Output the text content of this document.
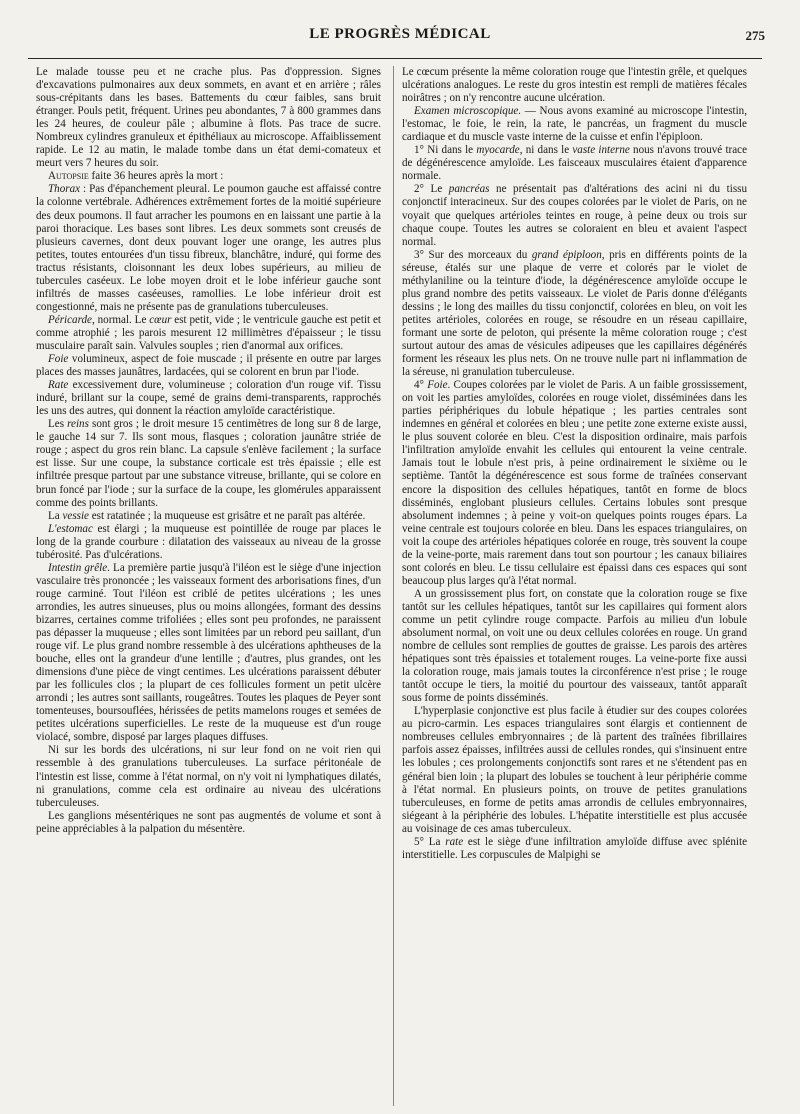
LE PROGRÈS MÉDICAL	275

Le malade tousse peu et ne crache plus. Pas d'oppression. Signes d'excavations pulmonaires aux deux sommets, en avant et en arrière ; râles sous-crépitants dans les bases. Battements du cœur faibles, sans bruit étranger. Pouls petit, fréquent. Urines peu abondantes, 7 à 800 grammes dans les 24 heures, de couleur pâle ; albumine à flots. Pas trace de sucre. Nombreux cylindres granuleux et épithéliaux au microscope. Affaiblissement rapide. Le 12 au matin, le malade tombe dans un état demi-comateux et meurt vers 7 heures du soir.

Autopsie faite 36 heures après la mort :

Thorax : Pas d'épanchement pleural. Le poumon gauche est affaissé contre la colonne vertébrale. Adhérences extrêmement fortes de la moitié supérieure des deux poumons. Il faut arracher les poumons en en laissant une partie à la paroi thoracique. Les bases sont libres. Les deux sommets sont creusés de plusieurs cavernes, dont deux pouvant loger une orange, les autres plus petites, toutes entourées d'un tissu fibreux, blanchâtre, induré, qui forme des tractus résistants, cloisonnant les deux lobes supérieurs, au milieu de tubercules caséeux. Le lobe moyen droit et le lobe inférieur gauche sont infiltrés de masses caséeuses, ramollies. Le lobe inférieur droit est congestionné, mais ne présente pas de granulations tuberculeuses.

Péricarde, normal. Le cœur est petit, vide ; le ventricule gauche est petit et comme atrophié ; les parois mesurent 12 millimètres d'épaisseur ; le tissu musculaire paraît sain. Valvules souples ; rien d'anormal aux orifices.

Foie volumineux, aspect de foie muscade ; il présente en outre par larges places des masses jaunâtres, lardacées, qui se colorent en brun par l'iode.

Rate excessivement dure, volumineuse ; coloration d'un rouge vif. Tissu induré, brillant sur la coupe, semé de grains demi-transparents, rapprochés les uns des autres, qui donnent la réaction amyloïde caractéristique.

Les reins sont gros ; le droit mesure 15 centimètres de long sur 8 de large, le gauche 14 sur 7. Ils sont mous, flasques ; coloration jaunâtre striée de rouge ; aspect du gros rein blanc. La capsule s'enlève facilement ; la surface est lisse. Sur une coupe, la substance corticale est très épaissie ; elle est infiltrée presque partout par une substance vitreuse, brillante, qui se colore en brun foncé par l'iode ; sur la surface de la coupe, les glomérules apparaissent comme des points brillants.

La vessie est ratatinée ; la muqueuse est grisâtre et ne paraît pas altérée.

L'estomac est élargi ; la muqueuse est pointillée de rouge par places le long de la grande courbure : dilatation des vaisseaux au niveau de la grosse tubérosité. Pas d'ulcérations.

Intestin grêle. La première partie jusqu'à l'iléon est le siège d'une injection vasculaire très prononcée ; les vaisseaux forment des arborisations fines, d'un rouge carminé. Tout l'iléon est criblé de petites ulcérations ; les unes arrondies, les autres sinueuses, plus ou moins allongées, formant des dessins bizarres, certaines comme trifoliées ; elles sont peu profondes, ne paraissent pas dépasser la muqueuse ; elles sont limitées par un rebord peu saillant, d'un rouge vif. Le plus grand nombre ressemble à des ulcérations aphtheuses de la bouche, elles ont la grandeur d'une lentille ; d'autres, plus grandes, ont les dimensions d'une pièce de vingt centimes. Les ulcérations paraissent débuter par les follicules clos ; la plupart de ces follicules forment un petit ulcère arrondi ; les autres sont saillants, rougeâtres. Toutes les plaques de Peyer sont tomenteuses, boursouflées, hérissées de petits mamelons rouges et semées de petites ulcérations superficielles. Le reste de la muqueuse est d'un rouge violacé, sombre, disposé par larges plaques diffuses.

Ni sur les bords des ulcérations, ni sur leur fond on ne voit rien qui ressemble à des granulations tuberculeuses. La surface péritonéale de l'intestin est lisse, comme à l'état normal, on n'y voit ni lymphatiques dilatés, ni granulations, comme cela est ordinaire au niveau des ulcérations tuberculeuses.

Les ganglions mésentériques ne sont pas augmentés de volume et sont à peine appréciables à la palpation du mésentère.

Le cœcum présente la même coloration rouge que l'intestin grêle, et quelques ulcérations analogues. Le reste du gros intestin est rempli de matières fécales noirâtres ; on n'y rencontre aucune ulcération.

Examen microscopique. — Nous avons examiné au microscope l'intestin, l'estomac, le foie, le rein, la rate, le pancréas, un fragment du muscle cardiaque et du muscle vaste interne de la cuisse et enfin l'épiploon.

1° Ni dans le myocarde, ni dans le vaste interne nous n'avons trouvé trace de dégénérescence amyloïde. Les faisceaux musculaires étaient d'apparence normale.

2° Le pancréas ne présentait pas d'altérations des acini ni du tissu conjonctif interacineux. Sur des coupes colorées par le violet de Paris, on ne voyait que quelques artérioles teintes en rouge, à peine deux ou trois sur chaque coupe. Toutes les autres se coloraient en bleu et avaient l'aspect normal.

3° Sur des morceaux du grand épiploon, pris en différents points de la séreuse, étalés sur une plaque de verre et colorés par le violet de méthylaniline ou la teinture d'iode, la dégénérescence amyloïde occupe le plus grand nombre des petits vaisseaux. Le violet de Paris donne d'élégants dessins ; le long des mailles du tissu conjonctif, colorées en bleu, on voit les petites artérioles, colorées en rouge, se résoudre en un réseau capillaire, formant une sorte de peloton, qui présente la même coloration rouge ; c'est surtout autour des amas de vésicules adipeuses que les capillaires dégénérés forment les réseaux les plus nets. On ne trouve nulle part ni inflammation de la séreuse, ni granulation tuberculeuse.

4° Foie. Coupes colorées par le violet de Paris. A un faible grossissement, on voit les parties amyloïdes, colorées en rouge violet, disséminées dans les parties périphériques du lobule hépatique ; les parties centrales sont indemnes en général et colorées en bleu ; une petite zone externe existe aussi, le plus souvent colorée en bleu. C'est la disposition ordinaire, mais parfois l'infiltration amyloïde envahit les cellules qui entourent la veine centrale. Jamais tout le lobule n'est pris, à peine ordinairement le sixième ou le septième. Tantôt la dégénérescence est sous forme de traînées conservant encore la disposition des cellules hépatiques, tantôt en forme de blocs disséminés, englobant plusieurs cellules. Certains lobules sont presque absolument indemnes ; à peine y voit-on quelques points rouges épars. La veine centrale est toujours colorée en bleu. Dans les espaces triangulaires, on voit la coupe des artérioles hépatiques colorée en rouge, très souvent la coupe de la veine-porte, mais rarement dans tout son pourtour ; les canaux biliaires sont colorés en bleu. Le tissu cellulaire est épaissi dans ces espaces qui sont beaucoup plus larges qu'à l'état normal.

A un grossissement plus fort, on constate que la coloration rouge se fixe tantôt sur les cellules hépatiques, tantôt sur les capillaires qui forment alors comme un petit cylindre rouge compacte. Parfois au milieu d'un lobule absolument normal, on voit une ou deux cellules colorées en rouge. Un grand nombre de cellules sont remplies de gouttes de graisse. Les parois des artères hépatiques sont très épaissies et totalement rouges. La veine-porte fixe aussi la coloration rouge, mais jamais toutes la circonférence n'est prise ; le rouge tantôt occupe le tiers, la moitié du pourtour des vaisseaux, tantôt apparaît sous forme de points disséminés.

L'hyperplasie conjonctive est plus facile à étudier sur des coupes colorées au picro-carmin. Les espaces triangulaires sont élargis et contiennent de nombreuses cellules embryonnaires ; de là partent des traînées fibrillaires parfois assez épaisses, infiltrées aussi de cellules rondes, qui s'insinuent entre les lobules ; ces prolongements conjonctifs sont rares et ne s'étendent pas en général bien loin ; la plupart des lobules se touchent à leur périphérie comme à l'état normal. En plusieurs points, on trouve de petites granulations tuberculeuses, en forme de petits amas arrondis de cellules embryonnaires, siégeant à la périphérie des lobules. L'hépatite interstitielle est plus accusée au voisinage de ces amas tuberculeux.

5° La rate est le siège d'une infiltration amyloïde diffuse avec splénite interstitielle. Les corpuscules de Malpighi se
